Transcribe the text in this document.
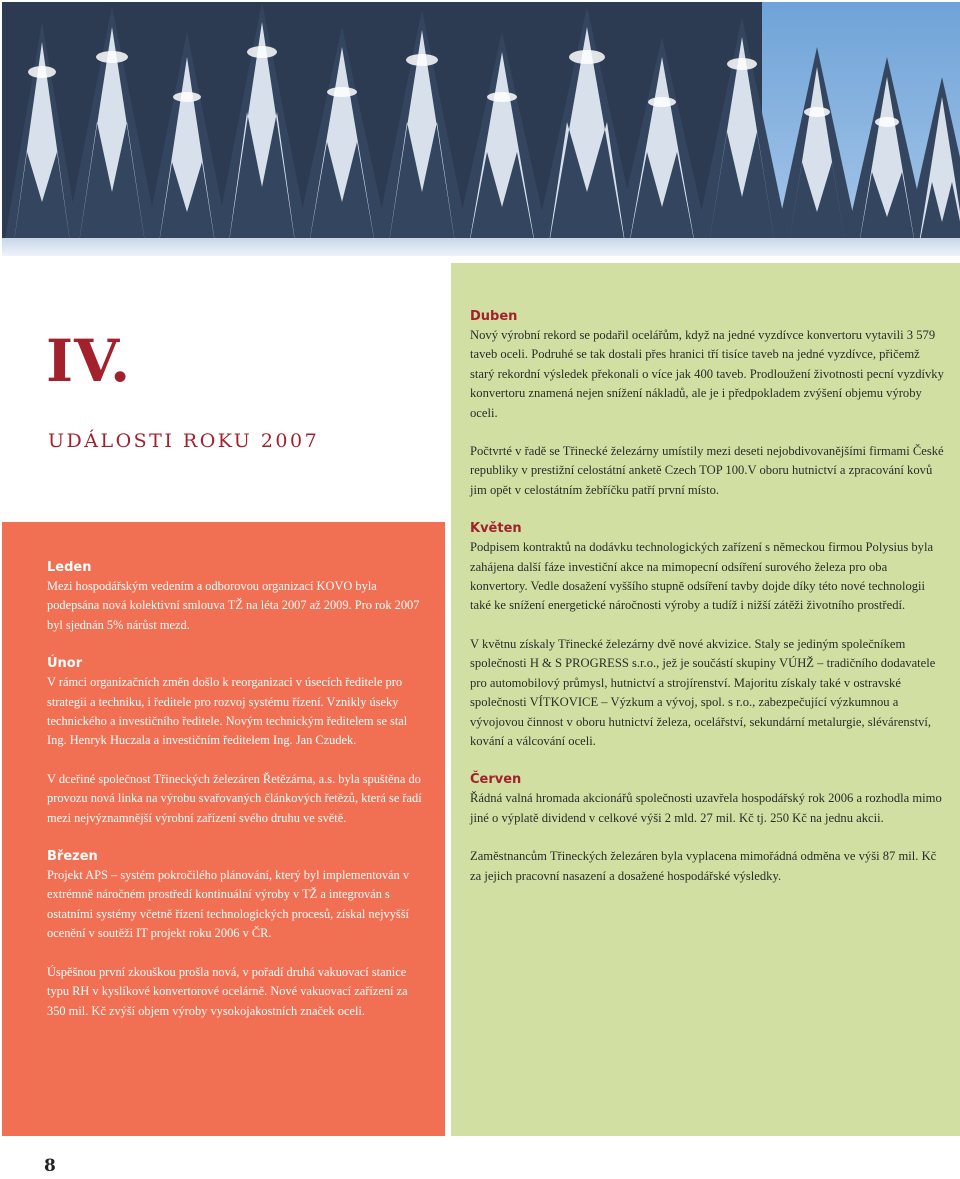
IV.
UDÁLOSTI ROKU 2007
Duben

Nový výrobní rekord se podařil ocelářům, když na jedné vyzdívce konvertoru vytavili 3 579 taveb oceli. Podruhé se tak dostali přes hranici tří tisíce taveb na jedné vyzdívce, přičemž starý rekordní výsledek překonali o více jak 400 taveb. Prodloužení životnosti pecní vyzdívky konvertoru znamená nejen snížení nákladů, ale je i předpokladem zvýšení objemu výroby oceli.

Počtvrté v řadě se Třinecké železárny umístily mezi deseti nejobdivovanějšími firmami České republiky v prestižní celostátní anketě Czech TOP 100.V oboru hutnictví a zpracování kovů jim opět v celostátním žebříčku patří první místo.

Květen

Podpisem kontraktů na dodávku technologických zařízení s německou firmou Polysius byla zahájena další fáze investiční akce na mimopecní odsíření surového železa pro oba konvertory. Vedle dosažení vyššího stupně odsíření tavby dojde díky této nové technologii také ke snížení energetické náročnosti výroby a tudíž i nižší zátěži životního prostředí.

V květnu získaly Třinecké železárny dvě nové akvizice. Staly se jediným společníkem společnosti H & S PROGRESS s.r.o., jež je součástí skupiny VÚHŽ – tradičního dodavatele pro automobilový průmysl, hutnictví a strojírenství. Majoritu získaly také v ostravské společnosti VÍTKOVICE – Výzkum a vývoj, spol. s r.o., zabezpečující výzkumnou a vývojovou činnost v oboru hutnictví železa, ocelářství, sekundární metalurgie, slévárenství, kování a válcování oceli.

Červen

Řádná valná hromada akcionářů společnosti uzavřela hospodářský rok 2006 a rozhodla mimo jiné o výplatě dividend v celkové výši 2 mld. 27 mil. Kč tj. 250 Kč na jednu akcii.

Zaměstnancům Třineckých železáren byla vyplacena mimořádná odměna ve výši 87 mil. Kč za jejich pracovní nasazení a dosažené hospodářské výsledky.

Leden

Mezi hospodářským vedením a odborovou organizací KOVO byla podepsána nová kolektivní smlouva TŽ na léta 2007 až 2009. Pro rok 2007 byl sjednán 5% nárůst mezd.

Únor

V rámci organizačních změn došlo k reorganizaci v úsecích ředitele pro strategii a techniku, i ředitele pro rozvoj systému řízení. Vznikly úseky technického a investičního ředitele. Novým technickým ředitelem se stal Ing. Henryk Huczala a investičním ředitelem Ing. Jan Czudek.

V dceřiné společnost Třineckých železáren Řetězárna, a.s. byla spuštěna do provozu nová linka na výrobu svařovaných článkových řetězů, která se řadí mezi nejvýznamnější výrobní zařízení svého druhu ve světě.

Březen

Projekt APS – systém pokročilého plánování, který byl implementován v extrémně náročném prostředí kontinuální výroby v TŽ a integrován s ostatními systémy včetně řízení technologických procesů, získal nejvyšší ocenění v soutěži IT projekt roku 2006 v ČR.

Úspěšnou první zkouškou prošla nová, v pořadí druhá vakuovací stanice typu RH v kyslíkové konvertorové ocelárně. Nové vakuovací zařízení za 350 mil. Kč zvýší objem výroby vysokojakostních značek oceli.

8
